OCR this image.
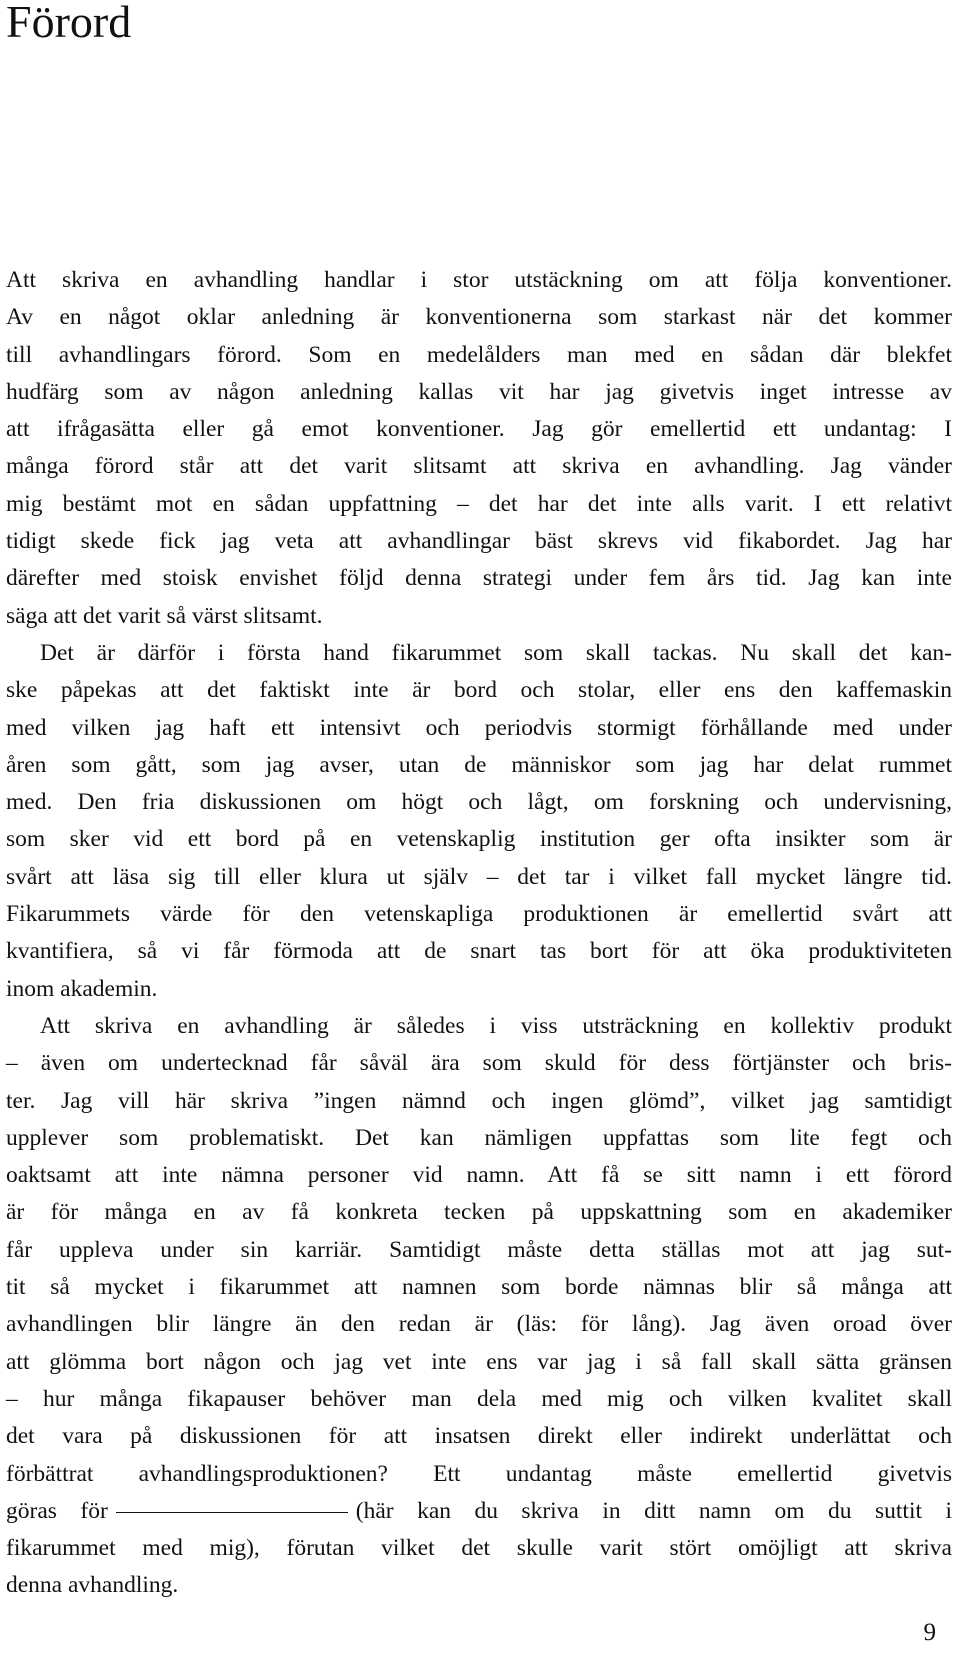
Förord
Att skriva en avhandling handlar i stor utstäckning om att följa konventioner.
Av en något oklar anledning är konventionerna som starkast när det kommer
till avhandlingars förord. Som en medelålders man med en sådan där blekfet
hudfärg som av någon anledning kallas vit har jag givetvis inget intresse av
att ifrågasätta eller gå emot konventioner. Jag gör emellertid ett undantag: I
många förord står att det varit slitsamt att skriva en avhandling. Jag vänder
mig bestämt mot en sådan uppfattning – det har det inte alls varit. I ett relativt
tidigt skede fick jag veta att avhandlingar bäst skrevs vid fikabordet. Jag har
därefter med stoisk envishet följd denna strategi under fem års tid. Jag kan inte
säga att det varit så värst slitsamt.
Det är därför i första hand fikarummet som skall tackas. Nu skall det kan-
ske påpekas att det faktiskt inte är bord och stolar, eller ens den kaffemaskin
med vilken jag haft ett intensivt och periodvis stormigt förhållande med under
åren som gått, som jag avser, utan de människor som jag har delat rummet
med. Den fria diskussionen om högt och lågt, om forskning och undervisning,
som sker vid ett bord på en vetenskaplig institution ger ofta insikter som är
svårt att läsa sig till eller klura ut själv – det tar i vilket fall mycket längre tid.
Fikarummets värde för den vetenskapliga produktionen är emellertid svårt att
kvantifiera, så vi får förmoda att de snart tas bort för att öka produktiviteten
inom akademin.
Att skriva en avhandling är således i viss utsträckning en kollektiv produkt
– även om undertecknad får såväl ära som skuld för dess förtjänster och bris-
ter. Jag vill här skriva ”ingen nämnd och ingen glömd”, vilket jag samtidigt
upplever som problematiskt. Det kan nämligen uppfattas som lite fegt och
oaktsamt att inte nämna personer vid namn. Att få se sitt namn i ett förord
är för många en av få konkreta tecken på uppskattning som en akademiker
får uppleva under sin karriär. Samtidigt måste detta ställas mot att jag sut-
tit så mycket i fikarummet att namnen som borde nämnas blir så många att
avhandlingen blir längre än den redan är (läs: för lång). Jag även oroad över
att glömma bort någon och jag vet inte ens var jag i så fall skall sätta gränsen
– hur många fikapauser behöver man dela med mig och vilken kvalitet skall
det vara på diskussionen för att insatsen direkt eller indirekt underlättat och
förbättrat avhandlingsproduktionen? Ett undantag måste emellertid givetvis
göras för	(här kan du skriva in ditt namn om du suttit i
fikarummet med mig), förutan vilket det skulle varit stört omöjligt att skriva
denna avhandling.
9
